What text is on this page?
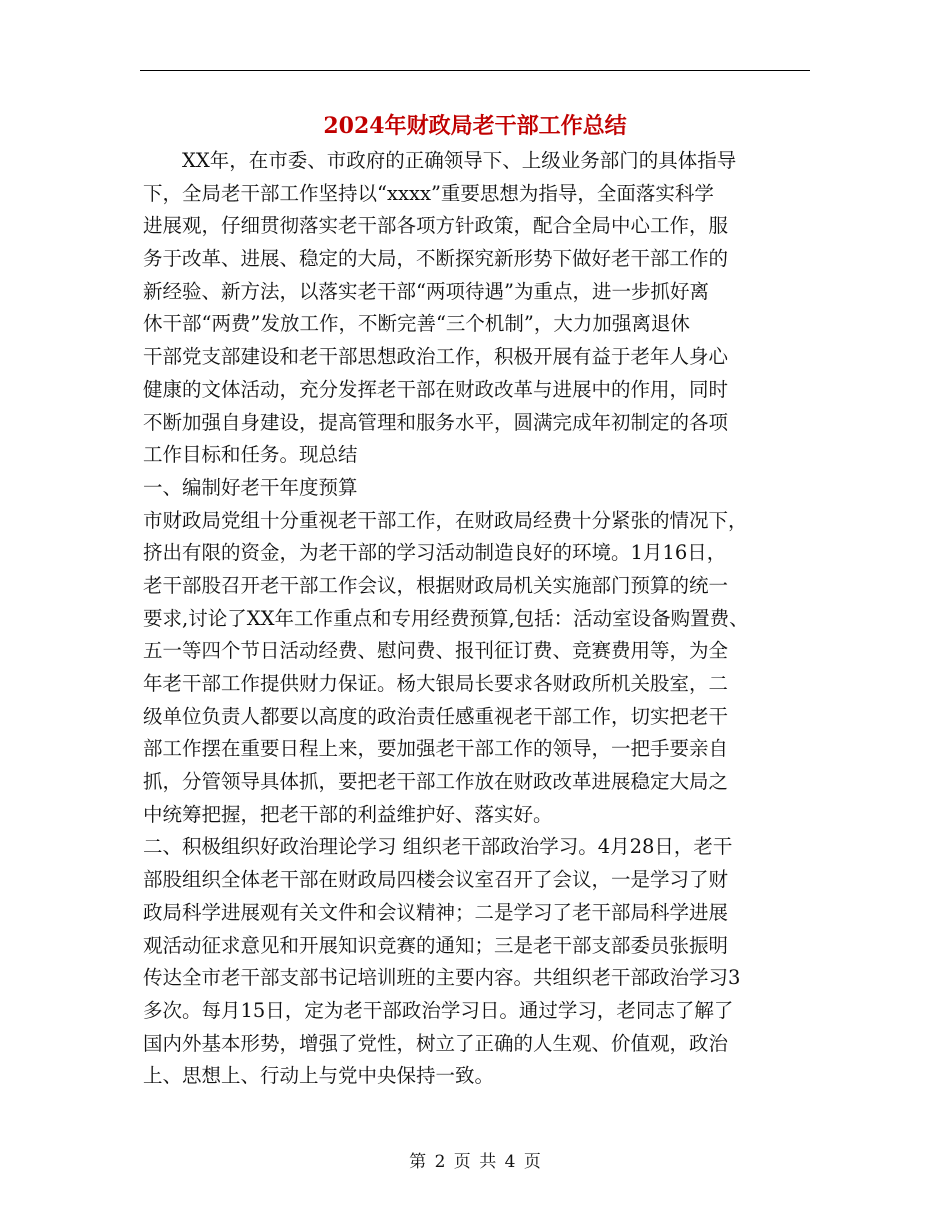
2024年财政局老干部工作总结
　　XX年，在市委、市政府的正确领导下、上级业务部门的具体指导
下，全局老干部工作坚持以“xxxx”重要思想为指导，全面落实科学
进展观，仔细贯彻落实老干部各项方针政策，配合全局中心工作，服
务于改革、进展、稳定的大局，不断探究新形势下做好老干部工作的
新经验、新方法，以落实老干部“两项待遇”为重点，进一步抓好离
休干部“两费”发放工作，不断完善“三个机制”，大力加强离退休
干部党支部建设和老干部思想政治工作，积极开展有益于老年人身心
健康的文体活动，充分发挥老干部在财政改革与进展中的作用，同时
不断加强自身建设，提高管理和服务水平，圆满完成年初制定的各项
工作目标和任务。现总结
一、编制好老干年度预算
市财政局党组十分重视老干部工作，在财政局经费十分紧张的情况下，
挤出有限的资金，为老干部的学习活动制造良好的环境。1月16日，
老干部股召开老干部工作会议，根据财政局机关实施部门预算的统一
要求,讨论了XX年工作重点和专用经费预算,包括：活动室设备购置费、
五一等四个节日活动经费、慰问费、报刊征订费、竞赛费用等，为全
年老干部工作提供财力保证。杨大银局长要求各财政所机关股室，二
级单位负责人都要以高度的政治责任感重视老干部工作，切实把老干
部工作摆在重要日程上来，要加强老干部工作的领导，一把手要亲自
抓，分管领导具体抓，要把老干部工作放在财政改革进展稳定大局之
中统筹把握，把老干部的利益维护好、落实好。
二、积极组织好政治理论学习 组织老干部政治学习。4月28日，老干
部股组织全体老干部在财政局四楼会议室召开了会议，一是学习了财
政局科学进展观有关文件和会议精神；二是学习了老干部局科学进展
观活动征求意见和开展知识竞赛的通知；三是老干部支部委员张振明
传达全市老干部支部书记培训班的主要内容。共组织老干部政治学习3
多次。每月15日，定为老干部政治学习日。通过学习，老同志了解了
国内外基本形势，增强了党性，树立了正确的人生观、价值观，政治
上、思想上、行动上与党中央保持一致。
第 2 页 共 4 页
